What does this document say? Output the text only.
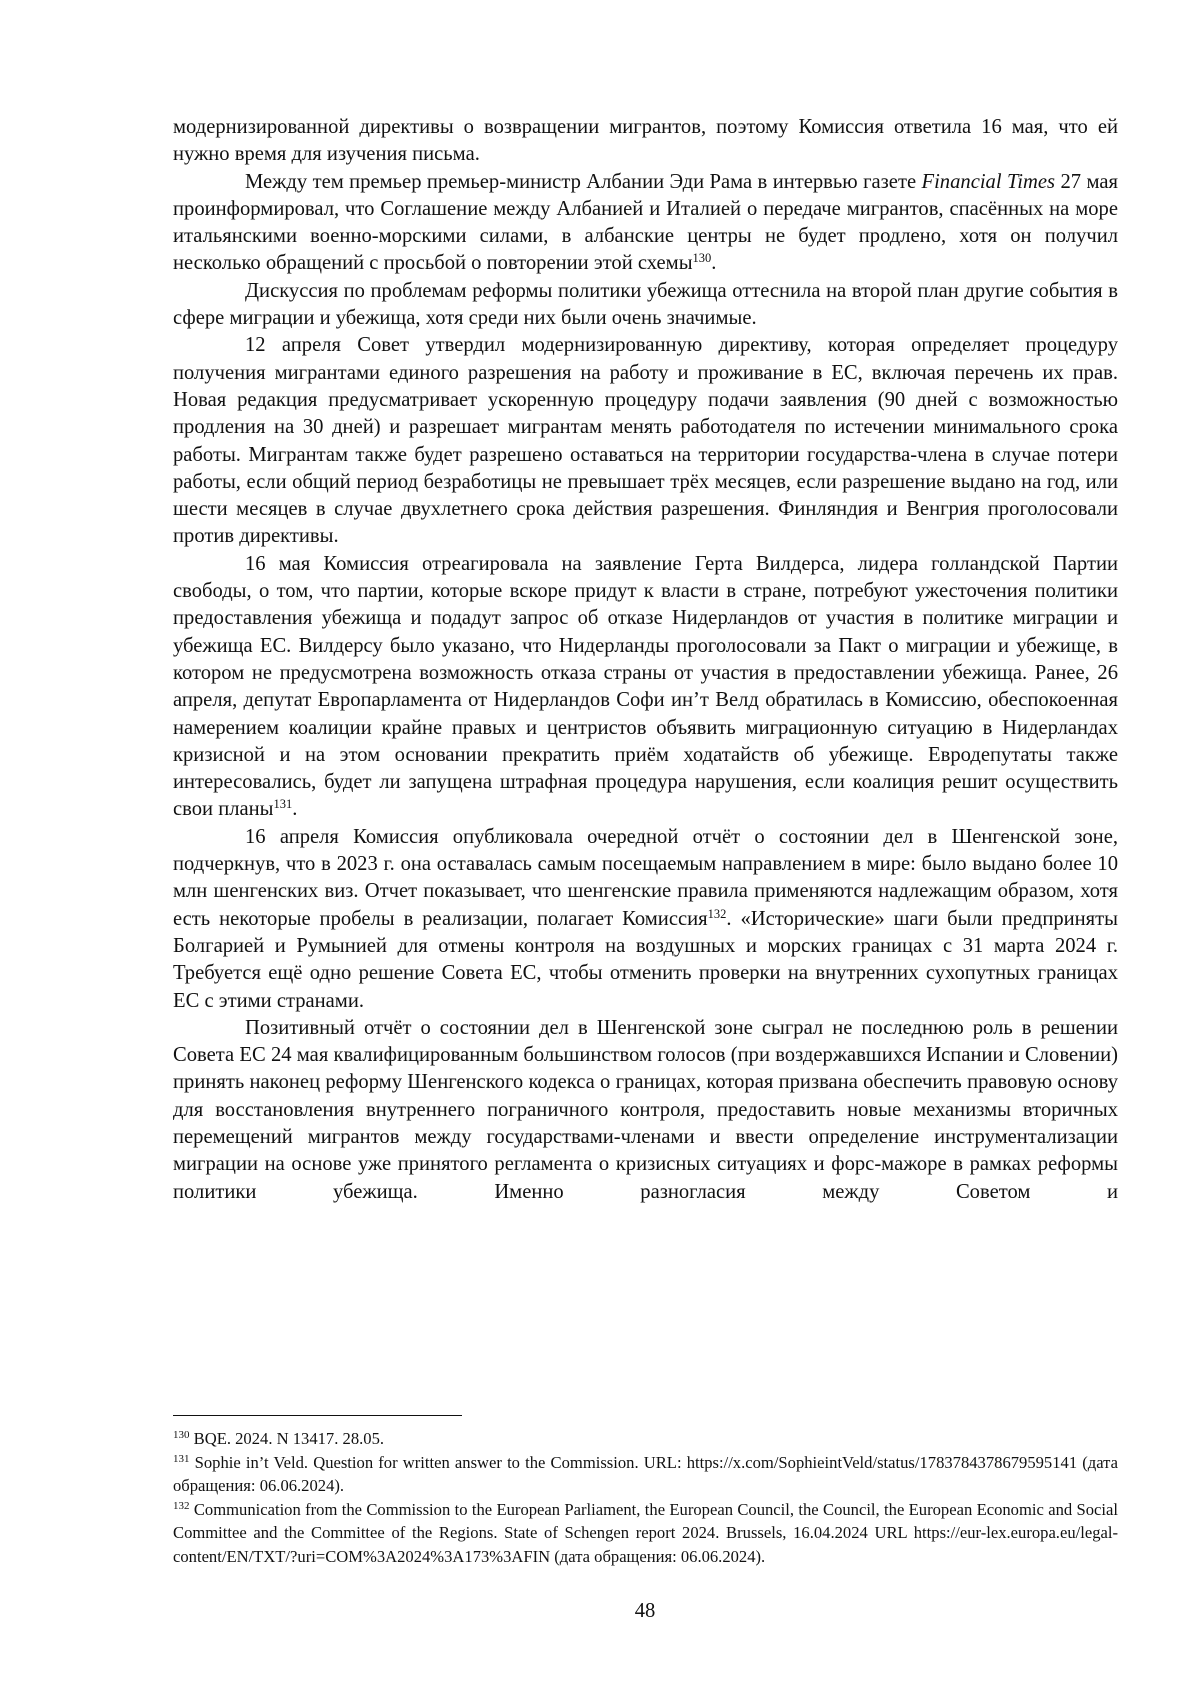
модернизированной директивы о возвращении мигрантов, поэтому Комиссия ответила 16 мая, что ей нужно время для изучения письма.

Между тем премьер премьер-министр Албании Эди Рама в интервью газете Financial Times 27 мая проинформировал, что Соглашение между Албанией и Италией о передаче мигрантов, спасённых на море итальянскими военно-морскими силами, в албанские центры не будет продлено, хотя он получил несколько обращений с просьбой о повторении этой схемы$^{130}$.

Дискуссия по проблемам реформы политики убежища оттеснила на второй план другие события в сфере миграции и убежища, хотя среди них были очень значимые.

12 апреля Совет утвердил модернизированную директиву, которая определяет процедуру получения мигрантами единого разрешения на работу и проживание в ЕС, включая перечень их прав. Новая редакция предусматривает ускоренную процедуру подачи заявления (90 дней с возможностью продления на 30 дней) и разрешает мигрантам менять работодателя по истечении минимального срока работы. Мигрантам также будет разрешено оставаться на территории государства-члена в случае потери работы, если общий период безработицы не превышает трёх месяцев, если разрешение выдано на год, или шести месяцев в случае двухлетнего срока действия разрешения. Финляндия и Венгрия проголосовали против директивы.

16 мая Комиссия отреагировала на заявление Герта Вилдерса, лидера голландской Партии свободы, о том, что партии, которые вскоре придут к власти в стране, потребуют ужесточения политики предоставления убежища и подадут запрос об отказе Нидерландов от участия в политике миграции и убежища ЕС. Вилдерсу было указано, что Нидерланды проголосовали за Пакт о миграции и убежище, в котором не предусмотрена возможность отказа страны от участия в предоставлении убежища. Ранее, 26 апреля, депутат Европарламента от Нидерландов Софи ин’т Велд обратилась в Комиссию, обеспокоенная намерением коалиции крайне правых и центристов объявить миграционную ситуацию в Нидерландах кризисной и на этом основании прекратить приём ходатайств об убежище. Евродепутаты также интересовались, будет ли запущена штрафная процедура нарушения, если коалиция решит осуществить свои планы$^{131}$.

16 апреля Комиссия опубликовала очередной отчёт о состоянии дел в Шенгенской зоне, подчеркнув, что в 2023 г. она оставалась самым посещаемым направлением в мире: было выдано более 10 млн шенгенских виз. Отчет показывает, что шенгенские правила применяются надлежащим образом, хотя есть некоторые пробелы в реализации, полагает Комиссия$^{132}$. «Исторические» шаги были предприняты Болгарией и Румынией для отмены контроля на воздушных и морских границах с 31 марта 2024 г. Требуется ещё одно решение Совета ЕС, чтобы отменить проверки на внутренних сухопутных границах ЕС с этими странами.

Позитивный отчёт о состоянии дел в Шенгенской зоне сыграл не последнюю роль в решении Совета ЕС 24 мая квалифицированным большинством голосов (при воздержавшихся Испании и Словении) принять наконец реформу Шенгенского кодекса о границах, которая призвана обеспечить правовую основу для восстановления внутреннего пограничного контроля, предоставить новые механизмы вторичных перемещений мигрантов между государствами-членами и ввести определение инструментализации миграции на основе уже принятого регламента о кризисных ситуациях и форс-мажоре в рамках реформы политики убежища. Именно разногласия между Советом и

$^{130}$ BQE. 2024. N 13417. 28.05.

$^{131}$ Sophie in’t Veld. Question for written answer to the Commission. URL: https://x.com/SophieintVeld/status/1783784378679595141 (дата обращения: 06.06.2024).

$^{132}$ Communication from the Commission to the European Parliament, the European Council, the Council, the European Economic and Social Committee and the Committee of the Regions. State of Schengen report 2024. Brussels, 16.04.2024 URL https://eur-lex.europa.eu/legal-content/EN/TXT/?uri=COM%3A2024%3A173%3AFIN (дата обращения: 06.06.2024).

48
